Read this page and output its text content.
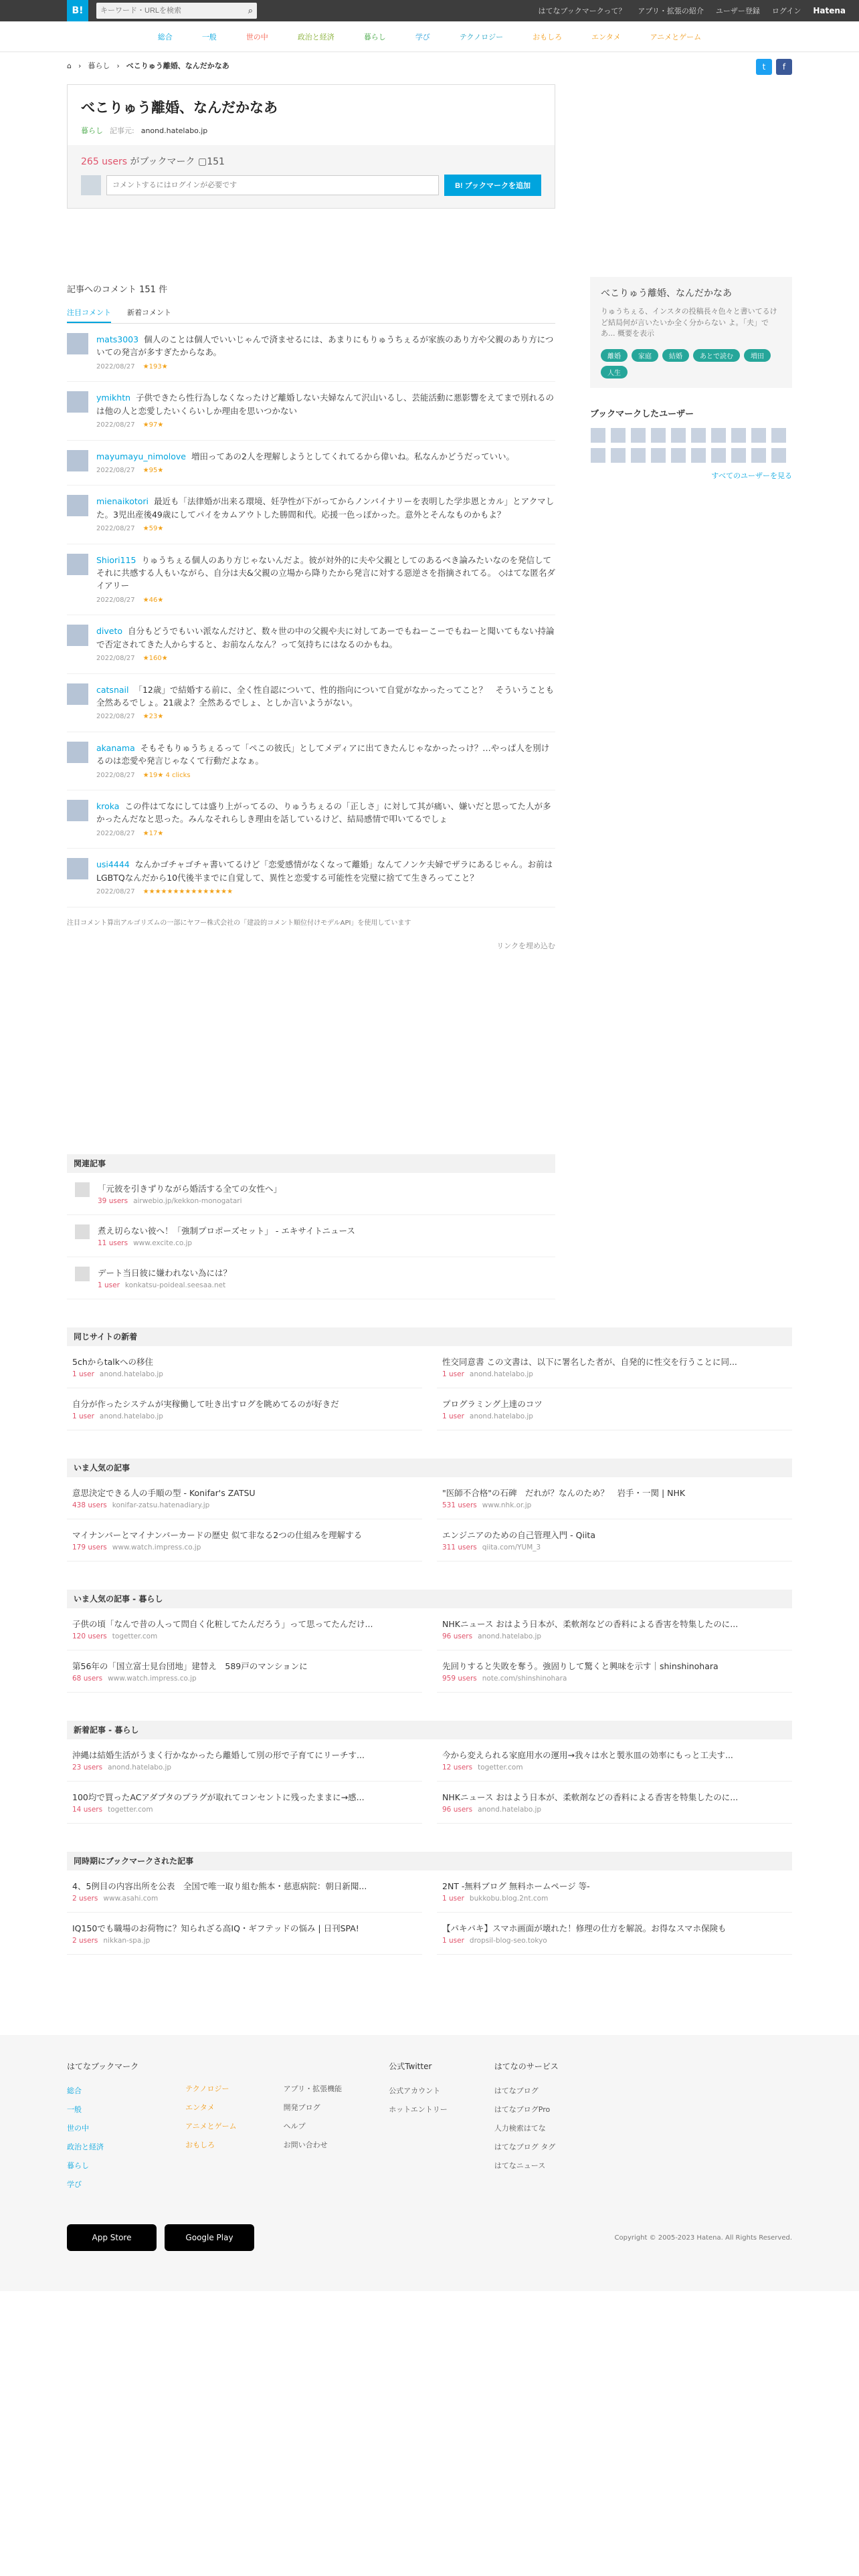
B!
キーワード・URLを検索	⌕	はてなブックマークって？ アプリ・拡張の紹介 ユーザー登録 ログイン Hatena
総合	一般	世の中	政治と経済	暮らし	学び	テクノロジー	おもしろ	エンタメ	アニメとゲーム
⌂ › 暮らし › べこりゅう離婚、なんだかなあ	t	f
べこりゅう離婚、なんだかなあ
暮らし 記事元: anond.hatelabo.jp
265 users がブックマーク ▢151
コメントするにはログインが必要です
B! ブックマークを追加
記事へのコメント 151 件
注目コメント 新着コメント
mats3003 個人のことは個人でいいじゃんで済ませるには、あまりにもりゅうちぇるが家族のあり方や父親のあり方についての発言が多すぎたからなあ。
2022/08/27 ★193★
ymikhtn 子供できたら性行為しなくなったけど離婚しない夫婦なんて沢山いるし、芸能活動に悪影響をえてまで別れるのは他の人と恋愛したいくらいしか理由を思いつかない
2022/08/27 ★97★
mayumayu_nimolove 増田ってあの2人を理解しようとしてくれてるから偉いね。私なんかどうだっていい。
2022/08/27 ★95★
mienaikotori 最近も「法律婚が出来る環境、妊孕性が下がってからノンバイナリーを表明した学歩恩とカル」とアクマした。3児出産後49歳にしてパイをカムアウトした勝間和代。応援一色っぽかった。意外とそんなものかもよ？
2022/08/27 ★59★
Shiori115 りゅうちぇる個人のあり方じゃないんだよ。彼が対外的に夫や父親としてのあるべき論みたいなのを発信してそれに共感する人もいながら、自分は夫&父親の立場から降りたから発言に対する惡逆さを指摘されてる。 ◇はてな匿名ダイアリー
2022/08/27 ★46★
diveto 自分もどうでもいい派なんだけど、数々世の中の父親や夫に対してあーでもねーこーでもねーと聞いてもない持論で否定されてきた人からすると、お前なんなん？って気持ちにはなるのかもね。
2022/08/27 ★160★
catsnail 「12歳」で結婚する前に、全く性自認について、性的指向について自覚がなかったってこと？　そういうことも全然あるでしょ。21歳よ？全然あるでしょ、としか言いようがない。
2022/08/27 ★23★
akanama そもそもりゅうちぇるって「ぺこの彼氏」としてメディアに出てきたんじゃなかったっけ？…やっぱ人を別けるのは恋愛や発言じゃなくて行動だよなぁ。
2022/08/27 ★19★ 4 clicks
kroka この件はてなにしては盛り上がってるの、りゅうちぇるの「正しさ」に対して其が痛い、嫌いだと思ってた人が多かったんだなと思った。みんなそれらしき理由を話しているけど、結局感情で叩いてるでしょ
2022/08/27 ★17★
usi4444 なんかゴチャゴチャ書いてるけど「恋愛感情がなくなって離婚」なんてノンケ夫婦でザラにあるじゃん。お前はLGBTQなんだから10代後半までに自覚して、異性と恋愛する可能性を完璧に捨てて生きろってこと？
2022/08/27 ★★★★★★★★★★★★★★★
注目コメント算出アルゴリズムの一部にヤフー株式会社の「建設的コメント順位付けモデルAPI」を使用しています
リンクを埋め込む
関連記事
「元彼を引きずりながら婚活する全ての女性へ」
39 users airwebio.jp/kekkon-monogatari
煮え切らない彼へ！「強制プロポーズセット」 - エキサイトニュース
11 users www.excite.co.jp
デート当日彼に嫌われない為には？
1 user konkatsu-poideal.seesaa.net
べこりゅう離婚、なんだかなあ

りゅうちぇる、インスタの投稿長々色々と書いてるけど結局何が言いたいか全く分からない よ。「夫」であ... 概要を表示

離婚	家庭	結婚	あとで読む	増田
人生
ブックマークしたユーザー
すべてのユーザーを見る
同じサイトの新着
5chからtalkへの移住
1 user anond.hatelabo.jp
性交同意書 この文書は、以下に署名した者が、自発的に性交を行うことに同...
1 user anond.hatelabo.jp
自分が作ったシステムが実稼働して吐き出すログを眺めてるのが好きだ
1 user anond.hatelabo.jp
プログラミング上達のコツ
1 user anond.hatelabo.jp
いま人気の記事
意思決定できる人の手順の型 - Konifar's ZATSU
438 users konifar-zatsu.hatenadiary.jp
"医師不合格"の石碑　だれが？なんのため？　岩手・一関 | NHK
531 users www.nhk.or.jp
マイナンバーとマイナンバーカードの歴史 似て非なる2つの仕組みを理解する
179 users www.watch.impress.co.jp
エンジニアのための自己管理入門 - Qiita
311 users qiita.com/YUM_3
いま人気の記事 - 暮らし
子供の頃「なんで昔の人って問自く化粧してたんだろう」って思ってたんだけ...
120 users togetter.com
NHKニュース おはよう日本が、柔軟剤などの香料による香害を特集したのに...
96 users anond.hatelabo.jp
第56年の「国立富士見台団地」建替え　589戸のマンションに
68 users www.watch.impress.co.jp
先回りすると失敗を奪う。強固りして驚くと興味を示す｜shinshinohara
959 users note.com/shinshinohara
新着記事 - 暮らし
沖縄は結婚生活がうまく行かなかったら離婚して別の形で子育てにリーチす...
23 users anond.hatelabo.jp
今から変えられる家庭用水の運用→我々は水と製氷皿の効率にもっと工夫す...
12 users togetter.com
100均で買ったACアダプタのプラグが取れてコンセントに残ったままに→感...
14 users togetter.com
NHKニュース おはよう日本が、柔軟剤などの香料による香害を特集したのに...
96 users anond.hatelabo.jp
同時期にブックマークされた記事
4、5例目の内容出所を公表　全国で唯一取り組む熊本・慈恵病院：朝日新聞...
2 users www.asahi.com
2NT -無料ブログ 無料ホームページ 等-
1 user bukkobu.blog.2nt.com
IQ150でも職場のお荷物に？知られざる高IQ・ギフテッドの悩み | 日刊SPA!
2 users nikkan-spa.jp
【パキパキ】スマホ画面が壊れた！修理の仕方を解説。お得なスマホ保険も
1 user dropsil-blog-seo.tokyo
はてなブックマーク

総合

一般

世の中

政治と経済

暮らし

学び

テクノロジー

エンタメ

アニメとゲーム

おもしろ

アプリ・拡張機能

開発ブログ

ヘルプ

お問い合わせ

公式Twitter

公式アカウント

ホットエントリー

はてなのサービス

はてなブログ

はてなブログPro

人力検索はてな

はてなブログ タグ

はてなニュース

App Store	Google Play	Copyright © 2005-2023 Hatena. All Rights Reserved.
